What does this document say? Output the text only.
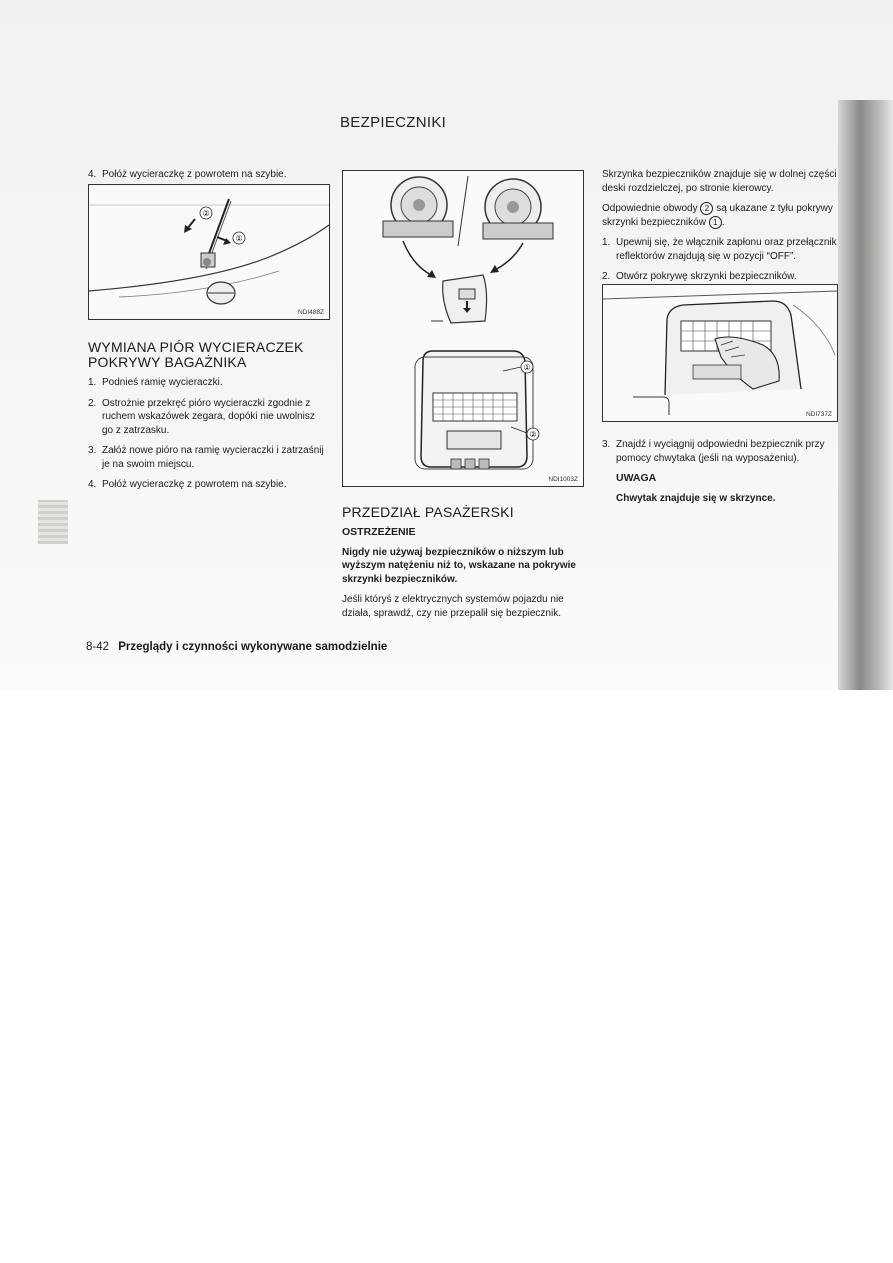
BEZPIECZNIKI
4. Połóż wycieraczkę z powrotem na szybie.
②
①
NDI488Z
WYMIANA PIÓR WYCIERACZEK POKRYWY BAGAŻNIKA
1. Podnieś ramię wycieraczki.
2. Ostrożnie przekręć pióro wycieraczki zgodnie z ruchem wskazówek zegara, dopóki nie uwolnisz go z zatrzasku.
3. Załóż nowe pióro na ramię wycieraczki i zatrzaśnij je na swoim miejscu.
4. Połóż wycieraczkę z powrotem na szybie.
①
②
NDI1003Z
PRZEDZIAŁ PASAŻERSKI
OSTRZEŻENIE

Nigdy nie używaj bezpieczników o niższym lub wyższym natężeniu niż to, wskazane na pokrywie skrzynki bezpieczników.

Jeśli któryś z elektrycznych systemów pojazdu nie działa, sprawdź, czy nie przepalił się bezpiecznik.

Skrzynka bezpieczników znajduje się w dolnej części deski rozdzielczej, po stronie kierowcy.

Odpowiednie obwody 2 są ukazane z tyłu pokrywy skrzynki bezpieczników 1 .

1. Upewnij się, że włącznik zapłonu oraz przełącznik reflektorów znajdują się w pozycji “OFF”.
2. Otwórz pokrywę skrzynki bezpieczników.
NDI737Z
3. Znajdź i wyciągnij odpowiedni bezpiecznik przy pomocy chwytaka (jeśli na wyposażeniu).
UWAGA

Chwytak znajduje się w skrzynce.

8-42 Przeglądy i czynności wykonywane samodzielnie
